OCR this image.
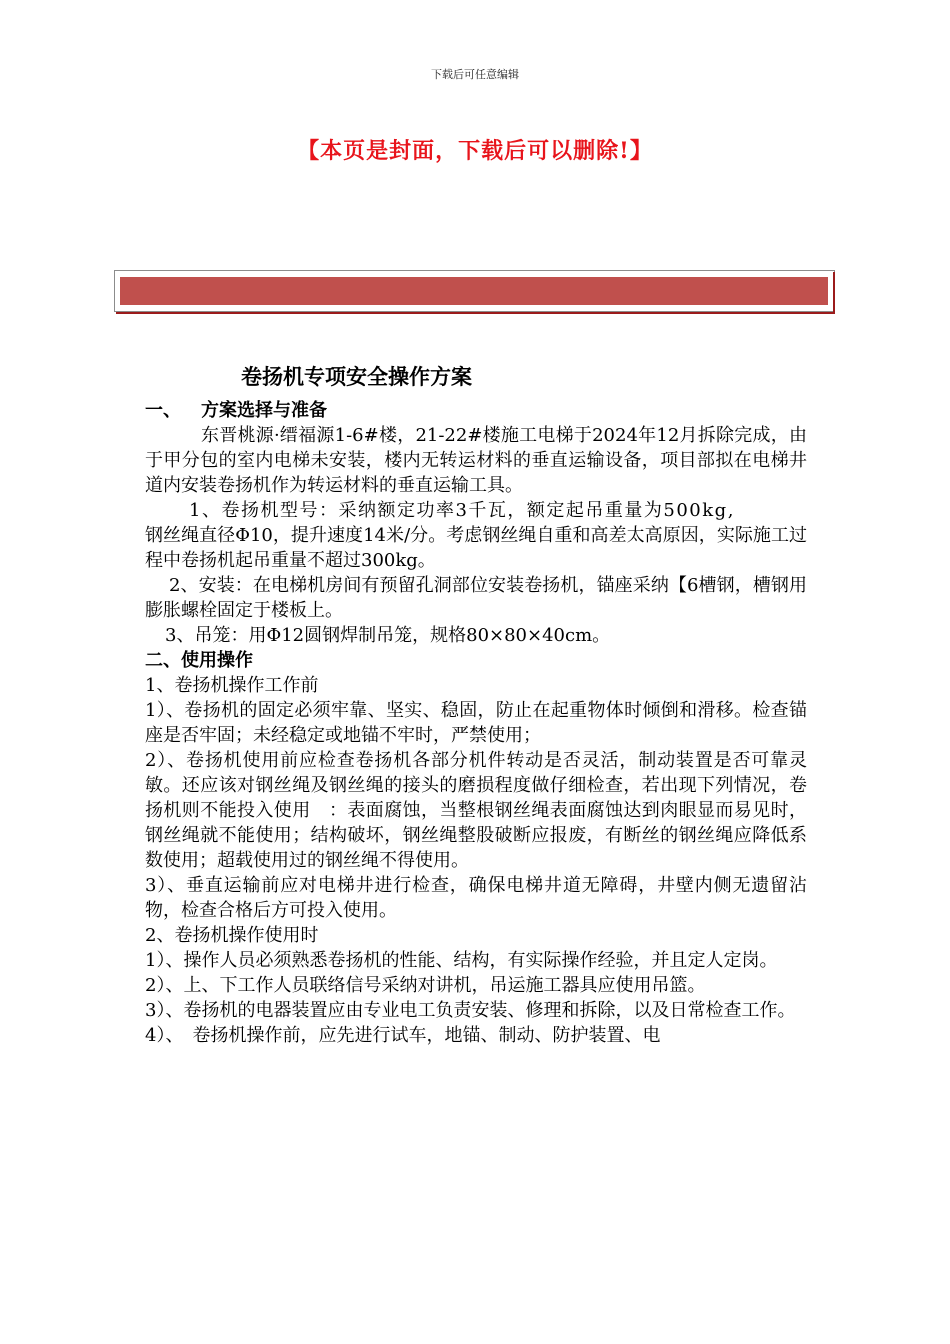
下载后可任意编辑
【本页是封面，下载后可以删除!】
卷扬机专项安全操作方案

一、 方案选择与准备

东晋桃源·缙福源1-6#楼，21-22#楼施工电梯于2024年12月拆除完成，由于甲分包的室内电梯未安装，楼内无转运材料的垂直运输设备，项目部拟在电梯井道内安装卷扬机作为转运材料的垂直运输工具。

1、卷扬机型号：采纳额定功率3千瓦，额定起吊重量为500kg,

钢丝绳直径Φ10，提升速度14米/分。考虑钢丝绳自重和高差太高原因，实际施工过程中卷扬机起吊重量不超过300kg。

2、安装：在电梯机房间有预留孔洞部位安装卷扬机，锚座采纳【6槽钢，槽钢用膨胀螺栓固定于楼板上。

3、吊笼：用Φ12圆钢焊制吊笼，规格80×80×40cm。

二、使用操作

1、卷扬机操作工作前

1）、卷扬机的固定必须牢靠、坚实、稳固，防止在起重物体时倾倒和滑移。检查锚座是否牢固；未经稳定或地锚不牢时，严禁使用；

2）、卷扬机使用前应检查卷扬机各部分机件转动是否灵活，制动装置是否可靠灵敏。还应该对钢丝绳及钢丝绳的接头的磨损程度做仔细检查，若出现下列情况，卷扬机则不能投入使用　：表面腐蚀，当整根钢丝绳表面腐蚀达到肉眼显而易见时，钢丝绳就不能使用；结构破坏，钢丝绳整股破断应报废，有断丝的钢丝绳应降低系数使用；超载使用过的钢丝绳不得使用。

3）、垂直运输前应对电梯井进行检查，确保电梯井道无障碍，井壁内侧无遗留沾物，检查合格后方可投入使用。

2、卷扬机操作使用时

1）、操作人员必须熟悉卷扬机的性能、结构，有实际操作经验，并且定人定岗。

2）、上、下工作人员联络信号采纳对讲机，吊运施工器具应使用吊篮。

3）、卷扬机的电器装置应由专业电工负责安装、修理和拆除，以及日常检查工作。

4）、　卷扬机操作前，应先进行试车，地锚、制动、防护装置、电
